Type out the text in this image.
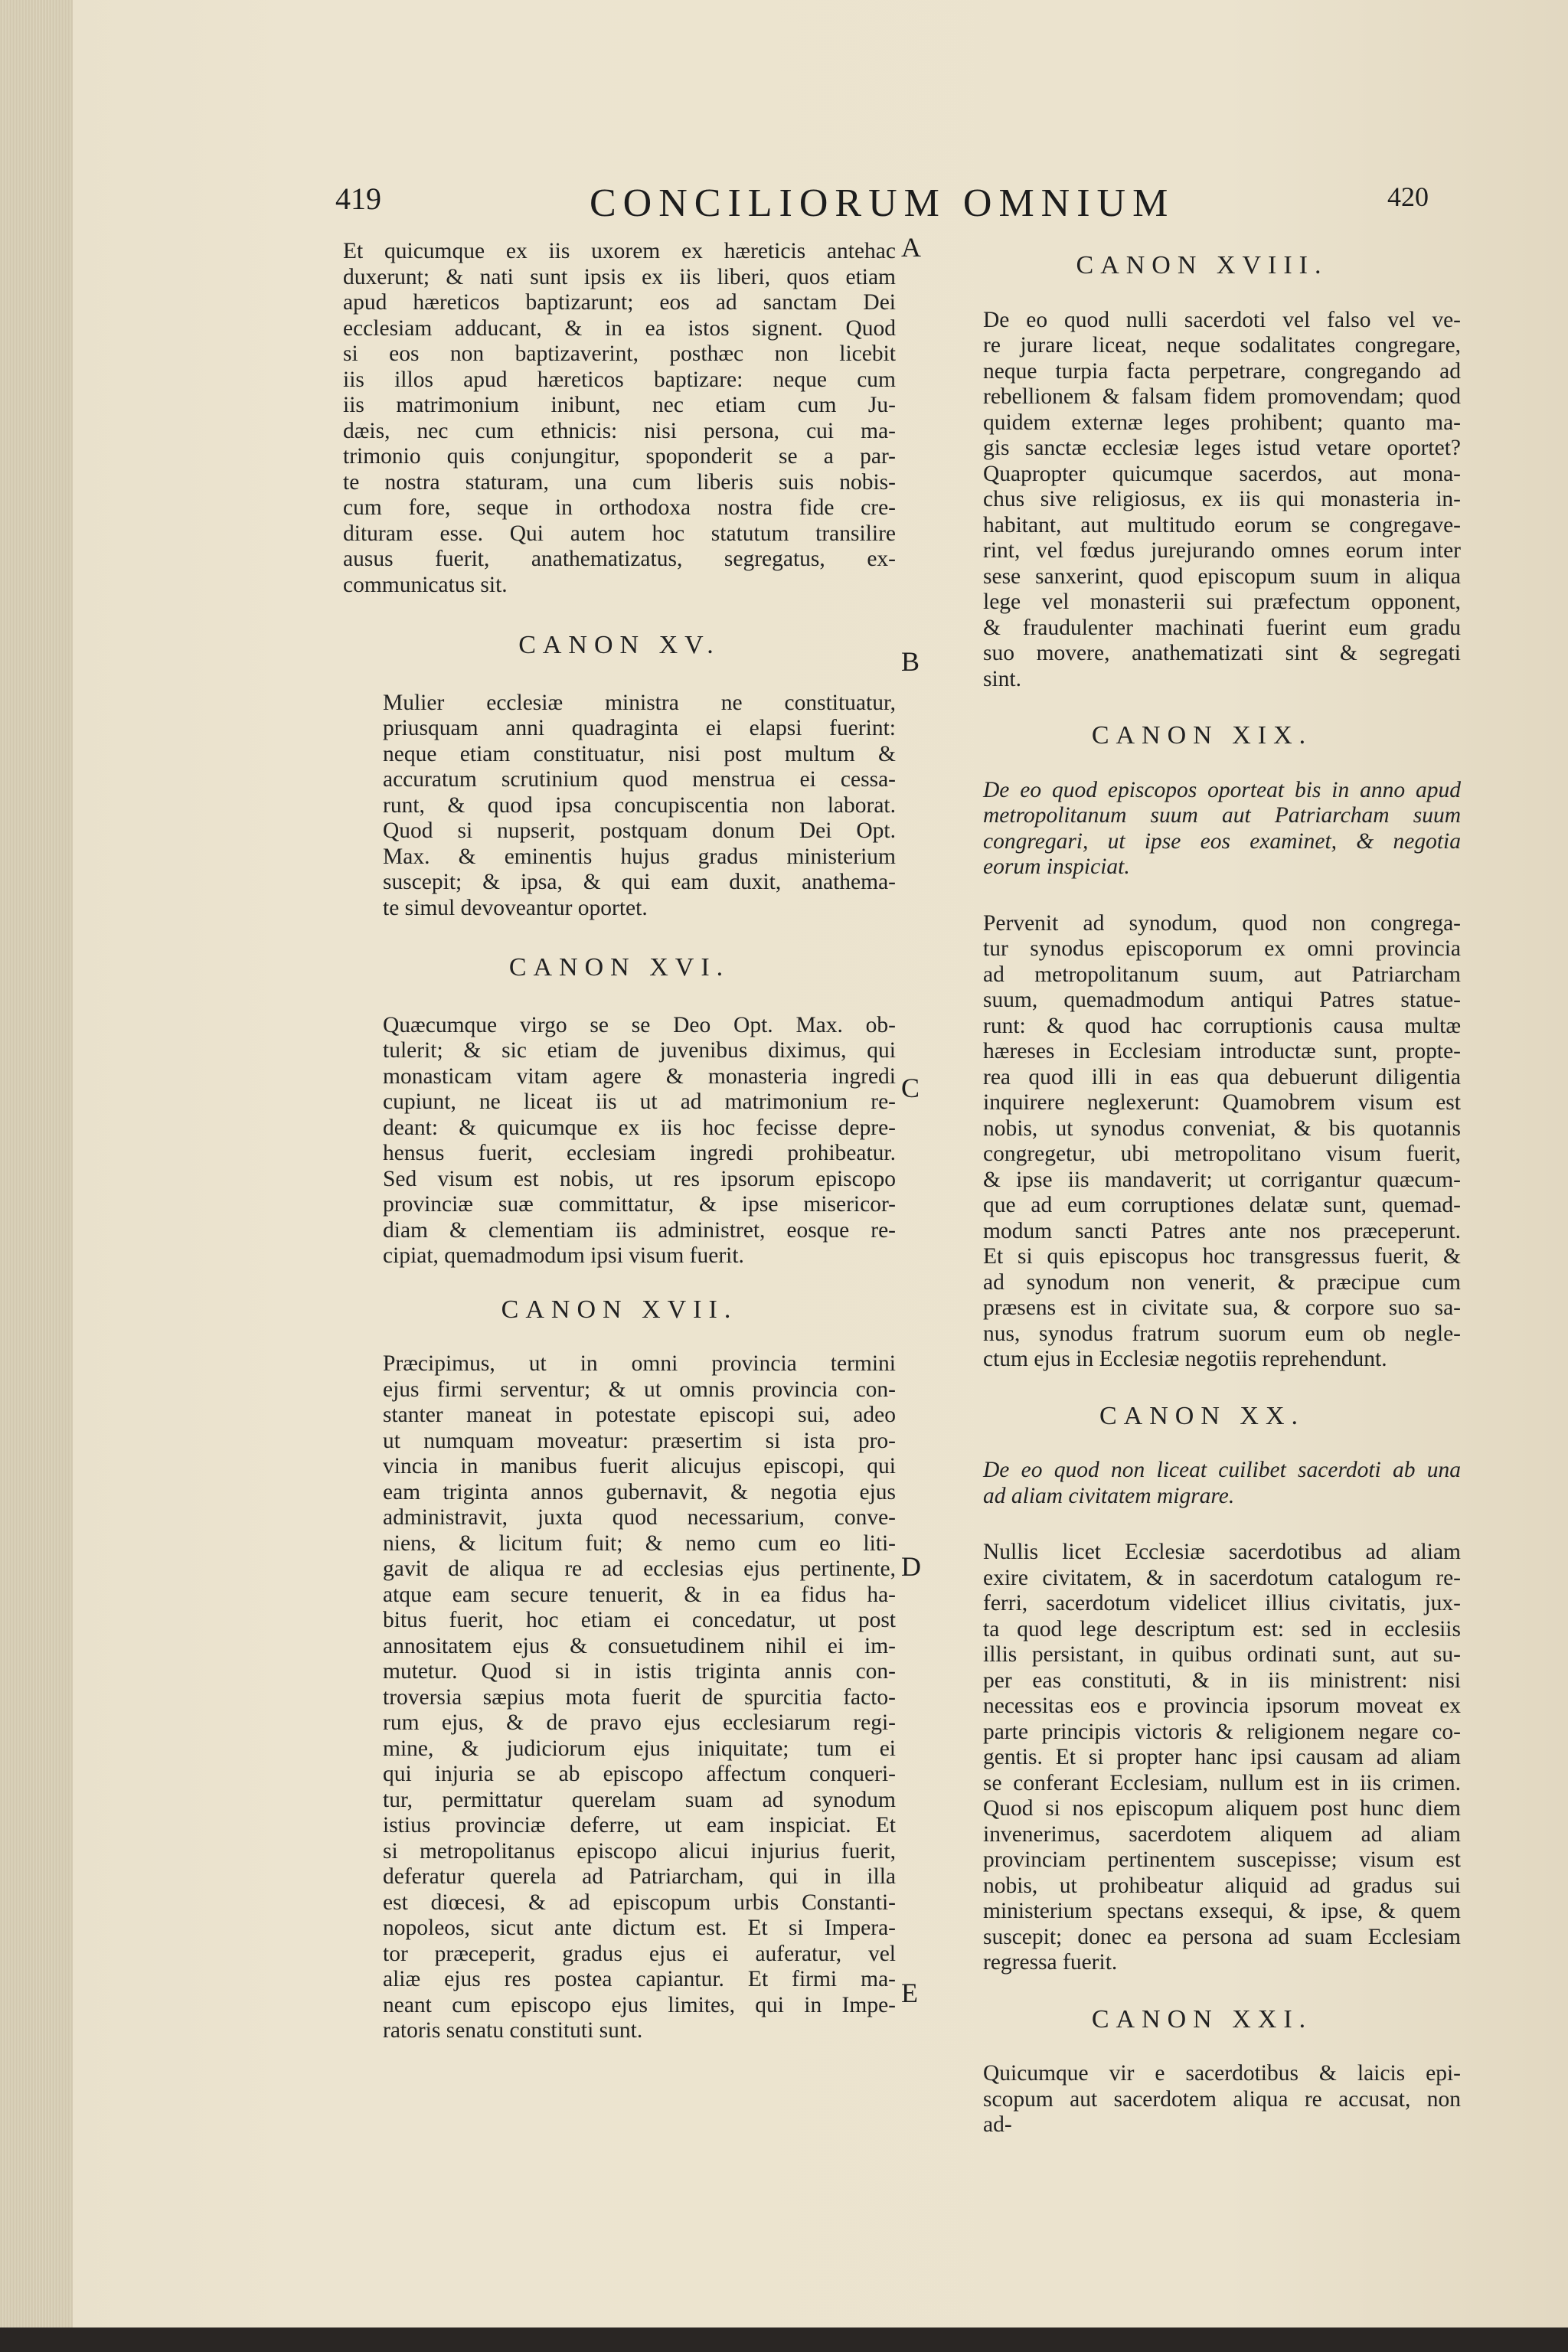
419	CONCILIORUM OMNIUM	420
A
B
C
D
E

Et quicumque ex iis uxorem ex hæreticis antehac
duxerunt; & nati sunt ipsis ex iis liberi, quos etiam
apud hæreticos baptizarunt; eos ad sanctam Dei
ecclesiam adducant, & in ea istos signent. Quod
si eos non baptizaverint, posthæc non licebit
iis illos apud hæreticos baptizare: neque cum
iis matrimonium inibunt, nec etiam cum Ju-
dæis, nec cum ethnicis: nisi persona, cui ma-
trimonio quis conjungitur, spoponderit se a par-
te nostra staturam, una cum liberis suis nobis-
cum fore, seque in orthodoxa nostra fide cre-
dituram esse. Qui autem hoc statutum transilire
ausus fuerit, anathematizatus, segregatus, ex-
communicatus sit.

CANON XV.

Mulier ecclesiæ ministra ne constituatur,
priusquam anni quadraginta ei elapsi fuerint:
neque etiam constituatur, nisi post multum &
accuratum scrutinium quod menstrua ei cessa-
runt, & quod ipsa concupiscentia non laborat.
Quod si nupserit, postquam donum Dei Opt.
Max. & eminentis hujus gradus ministerium
suscepit; & ipsa, & qui eam duxit, anathema-
te simul devoveantur oportet.

CANON XVI.

Quæcumque virgo se se Deo Opt. Max. ob-
tulerit; & sic etiam de juvenibus diximus, qui
monasticam vitam agere & monasteria ingredi
cupiunt, ne liceat iis ut ad matrimonium re-
deant: & quicumque ex iis hoc fecisse depre-
hensus fuerit, ecclesiam ingredi prohibeatur.
Sed visum est nobis, ut res ipsorum episcopo
provinciæ suæ committatur, & ipse misericor-
diam & clementiam iis administret, eosque re-
cipiat, quemadmodum ipsi visum fuerit.

CANON XVII.

Præcipimus, ut in omni provincia termini
ejus firmi serventur; & ut omnis provincia con-
stanter maneat in potestate episcopi sui, adeo
ut numquam moveatur: præsertim si ista pro-
vincia in manibus fuerit alicujus episcopi, qui
eam triginta annos gubernavit, & negotia ejus
administravit, juxta quod necessarium, conve-
niens, & licitum fuit; & nemo cum eo liti-
gavit de aliqua re ad ecclesias ejus pertinente,
atque eam secure tenuerit, & in ea fidus ha-
bitus fuerit, hoc etiam ei concedatur, ut post
annositatem ejus & consuetudinem nihil ei im-
mutetur. Quod si in istis triginta annis con-
troversia sæpius mota fuerit de spurcitia facto-
rum ejus, & de pravo ejus ecclesiarum regi-
mine, & judiciorum ejus iniquitate; tum ei
qui injuria se ab episcopo affectum conqueri-
tur, permittatur querelam suam ad synodum
istius provinciæ deferre, ut eam inspiciat. Et
si metropolitanus episcopo alicui injurius fuerit,
deferatur querela ad Patriarcham, qui in illa
est diœcesi, & ad episcopum urbis Constanti-
nopoleos, sicut ante dictum est. Et si Impera-
tor præceperit, gradus ejus ei auferatur, vel
aliæ ejus res postea capiantur. Et firmi ma-
neant cum episcopo ejus limites, qui in Impe-
ratoris senatu constituti sunt.

CANON XVIII.

De eo quod nulli sacerdoti vel falso vel ve-
re jurare liceat, neque sodalitates congregare,
neque turpia facta perpetrare, congregando ad
rebellionem & falsam fidem promovendam; quod
quidem externæ leges prohibent; quanto ma-
gis sanctæ ecclesiæ leges istud vetare oportet?
Quapropter quicumque sacerdos, aut mona-
chus sive religiosus, ex iis qui monasteria in-
habitant, aut multitudo eorum se congregave-
rint, vel fœdus jurejurando omnes eorum inter
sese sanxerint, quod episcopum suum in aliqua
lege vel monasterii sui præfectum opponent,
& fraudulenter machinati fuerint eum gradu
suo movere, anathematizati sint & segregati
sint.

CANON XIX.

De eo quod episcopos oporteat bis in anno apud
metropolitanum suum aut Patriarcham suum
congregari, ut ipse eos examinet, & negotia
eorum inspiciat.

Pervenit ad synodum, quod non congrega-
tur synodus episcoporum ex omni provincia
ad metropolitanum suum, aut Patriarcham
suum, quemadmodum antiqui Patres statue-
runt: & quod hac corruptionis causa multæ
hæreses in Ecclesiam introductæ sunt, propte-
rea quod illi in eas qua debuerunt diligentia
inquirere neglexerunt: Quamobrem visum est
nobis, ut synodus conveniat, & bis quotannis
congregetur, ubi metropolitano visum fuerit,
& ipse iis mandaverit; ut corrigantur quæcum-
que ad eum corruptiones delatæ sunt, quemad-
modum sancti Patres ante nos præceperunt.
Et si quis episcopus hoc transgressus fuerit, &
ad synodum non venerit, & præcipue cum
præsens est in civitate sua, & corpore suo sa-
nus, synodus fratrum suorum eum ob negle-
ctum ejus in Ecclesiæ negotiis reprehendunt.

CANON XX.

De eo quod non liceat cuilibet sacerdoti ab una
ad aliam civitatem migrare.

Nullis licet Ecclesiæ sacerdotibus ad aliam
exire civitatem, & in sacerdotum catalogum re-
ferri, sacerdotum videlicet illius civitatis, jux-
ta quod lege descriptum est: sed in ecclesiis
illis persistant, in quibus ordinati sunt, aut su-
per eas constituti, & in iis ministrent: nisi
necessitas eos e provincia ipsorum moveat ex
parte principis victoris & religionem negare co-
gentis. Et si propter hanc ipsi causam ad aliam
se conferant Ecclesiam, nullum est in iis crimen.
Quod si nos episcopum aliquem post hunc diem
invenerimus, sacerdotem aliquem ad aliam
provinciam pertinentem suscepisse; visum est
nobis, ut prohibeatur aliquid ad gradus sui
ministerium spectans exsequi, & ipse, & quem
suscepit; donec ea persona ad suam Ecclesiam
regressa fuerit.

CANON XXI.

Quicumque vir e sacerdotibus & laicis epi-
scopum aut sacerdotem aliqua re accusat, non
ad-
